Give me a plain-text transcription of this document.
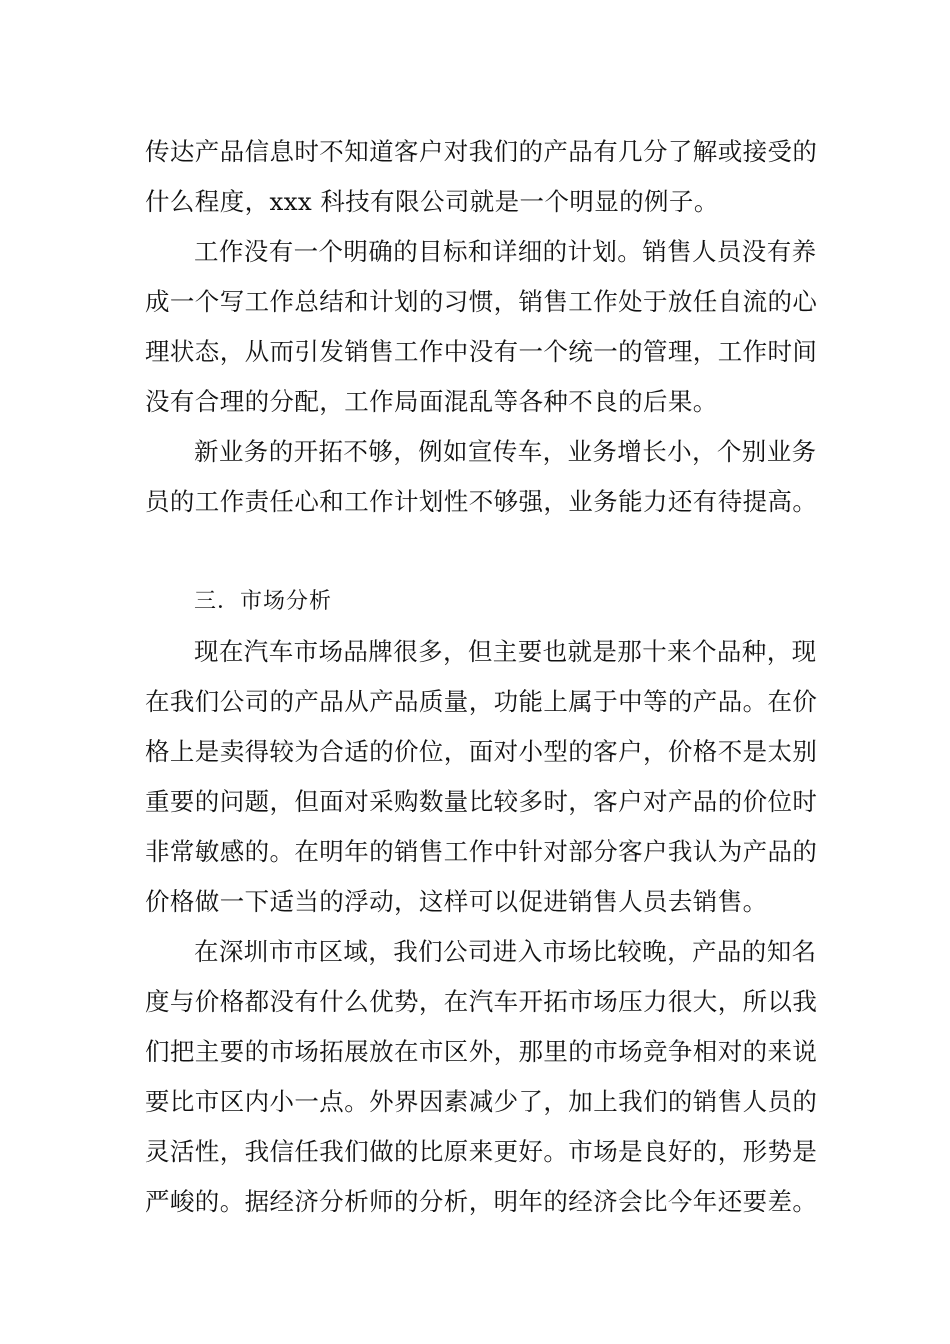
传达产品信息时不知道客户对我们的产品有几分了解或接受的
什么程度，xxx 科技有限公司就是一个明显的例子。
工作没有一个明确的目标和详细的计划。销售人员没有养
成一个写工作总结和计划的习惯，销售工作处于放任自流的心
理状态，从而引发销售工作中没有一个统一的管理，工作时间
没有合理的分配，工作局面混乱等各种不良的后果。
新业务的开拓不够，例如宣传车，业务增长小，个别业务
员的工作责任心和工作计划性不够强，业务能力还有待提高。
三．市场分析
现在汽车市场品牌很多，但主要也就是那十来个品种，现
在我们公司的产品从产品质量，功能上属于中等的产品。在价
格上是卖得较为合适的价位，面对小型的客户，价格不是太别
重要的问题，但面对采购数量比较多时，客户对产品的价位时
非常敏感的。在明年的销售工作中针对部分客户我认为产品的
价格做一下适当的浮动，这样可以促进销售人员去销售。
在深圳市市区域，我们公司进入市场比较晚，产品的知名
度与价格都没有什么优势，在汽车开拓市场压力很大，所以我
们把主要的市场拓展放在市区外，那里的市场竞争相对的来说
要比市区内小一点。外界因素减少了，加上我们的销售人员的
灵活性，我信任我们做的比原来更好。市场是良好的，形势是
严峻的。据经济分析师的分析，明年的经济会比今年还要差。
